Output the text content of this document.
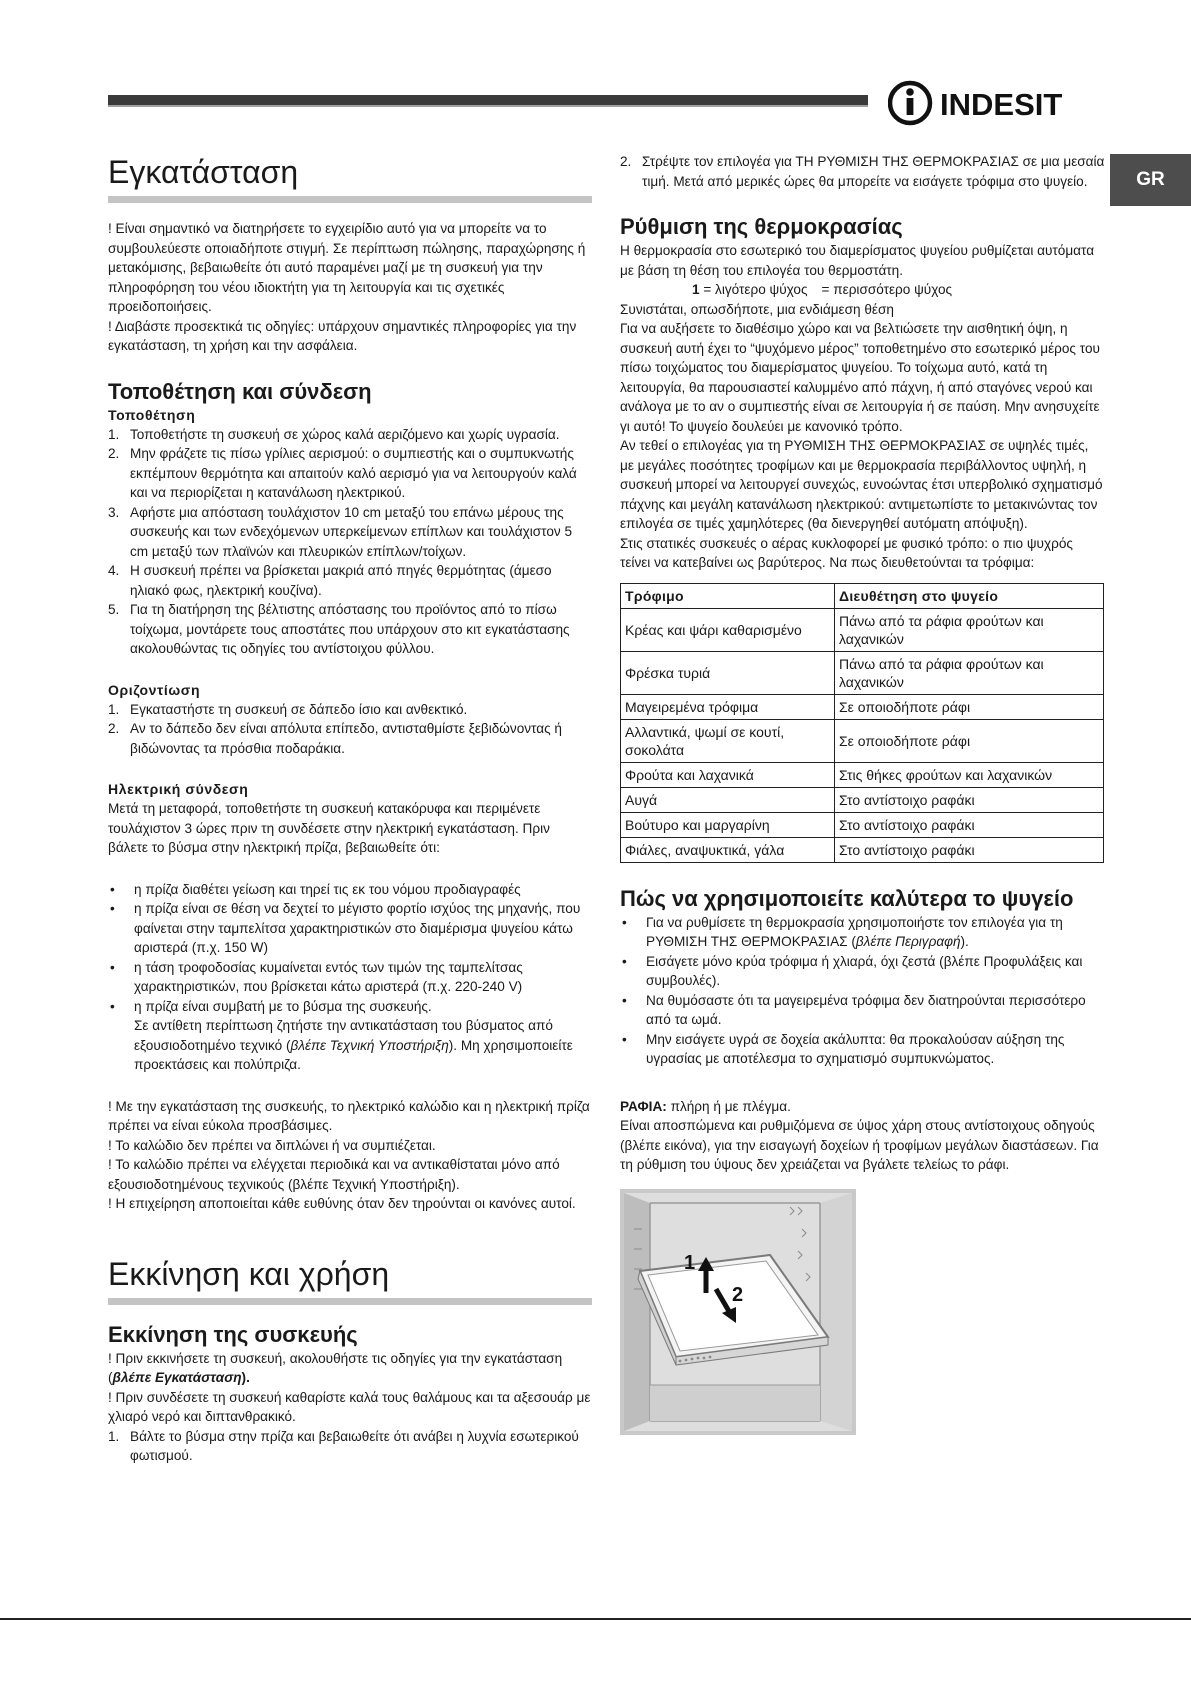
INDESIT
GR
Εγκατάσταση

! Είναι σημαντικό να διατηρήσετε το εγχειρίδιο αυτό για να μπορείτε να το συμβουλεύεστε οποιαδήποτε στιγμή. Σε περίπτωση πώλησης, παραχώρησης ή μετακόμισης, βεβαιωθείτε ότι αυτό παραμένει μαζί με τη συσκευή για την πληροφόρηση του νέου ιδιοκτήτη για τη λειτουργία και τις σχετικές προειδοποιήσεις.

! Διαβάστε προσεκτικά τις οδηγίες: υπάρχουν σημαντικές πληροφορίες για την εγκατάσταση, τη χρήση και την ασφάλεια.

Τοποθέτηση και σύνδεση
Τοποθέτηση
1. Τοποθετήστε τη συσκευή σε χώρος καλά αεριζόμενο και χωρίς υγρασία.
2. Μην φράζετε τις πίσω γρίλιες αερισμού: ο συμπιεστής και ο συμπυκνωτής εκπέμπουν θερμότητα και απαιτούν καλό αερισμό για να λειτουργούν καλά και να περιορίζεται η κατανάλωση ηλεκτρικού.
3. Αφήστε μια απόσταση τουλάχιστον 10 cm μεταξύ του επάνω μέρους της συσκευής και των ενδεχόμενων υπερκείμενων επίπλων και τουλάχιστον 5 cm μεταξύ των πλαϊνών και πλευρικών επίπλων/τοίχων.
4. Η συσκευή πρέπει να βρίσκεται μακριά από πηγές θερμότητας (άμεσο ηλιακό φως, ηλεκτρική κουζίνα).
5. Για τη διατήρηση της βέλτιστης απόστασης του προϊόντος από το πίσω τοίχωμα, μοντάρετε τους αποστάτες που υπάρχουν στο κιτ εγκατάστασης ακολουθώντας τις οδηγίες του αντίστοιχου φύλλου.
Οριζοντίωση
1. Εγκαταστήστε τη συσκευή σε δάπεδο ίσιο και ανθεκτικό.
2. Αν το δάπεδο δεν είναι απόλυτα επίπεδο, αντισταθμίστε ξεβιδώνοντας ή βιδώνοντας τα πρόσθια ποδαράκια.
Ηλεκτρική σύνδεση

Μετά τη μεταφορά, τοποθετήστε τη συσκευή κατακόρυφα και περιμένετε τουλάχιστον 3 ώρες πριν τη συνδέσετε στην ηλεκτρική εγκατάσταση. Πριν βάλετε το βύσμα στην ηλεκτρική πρίζα, βεβαιωθείτε ότι:

•	η πρίζα διαθέτει γείωση και τηρεί τις εκ του νόμου προδιαγραφές
•	η πρίζα είναι σε θέση να δεχτεί το μέγιστο φορτίο ισχύος της μηχανής, που φαίνεται στην ταμπελίτσα χαρακτηριστικών στο διαμέρισμα ψυγείου κάτω αριστερά (π.χ. 150 W)
•	η τάση τροφοδοσίας κυμαίνεται εντός των τιμών της ταμπελίτσας χαρακτηριστικών, που βρίσκεται κάτω αριστερά (π.χ. 220-240 V)
•	η πρίζα είναι συμβατή με το βύσμα της συσκευής.
Σε αντίθετη περίπτωση ζητήστε την αντικατάσταση του βύσματος από εξουσιοδοτημένο τεχνικό (βλέπε Τεχνική Υποστήριξη). Μη χρησιμοποιείτε προεκτάσεις και πολύπριζα.

! Με την εγκατάσταση της συσκευής, το ηλεκτρικό καλώδιο και η ηλεκτρική πρίζα πρέπει να είναι εύκολα προσβάσιμες.

! Το καλώδιο δεν πρέπει να διπλώνει ή να συμπιέζεται.

! Το καλώδιο πρέπει να ελέγχεται περιοδικά και να αντικαθίσταται μόνο από εξουσιοδοτημένους τεχνικούς (βλέπε Τεχνική Υποστήριξη).

! Η επιχείρηση αποποιείται κάθε ευθύνης όταν δεν τηρούνται οι κανόνες αυτοί.

Εκκίνηση και χρήση
Εκκίνηση της συσκευής

! Πριν εκκινήσετε τη συσκευή, ακολουθήστε τις οδηγίες για την εγκατάσταση (βλέπε Εγκατάσταση).

! Πριν συνδέσετε τη συσκευή καθαρίστε καλά τους θαλάμους και τα αξεσουάρ με χλιαρό νερό και διπτανθρακικό.

1. Βάλτε το βύσμα στην πρίζα και βεβαιωθείτε ότι ανάβει η λυχνία εσωτερικού φωτισμού.
2. Στρέψτε τον επιλογέα για ΤΗ ΡΥΘΜΙΣΗ ΤΗΣ ΘΕΡΜΟΚΡΑΣΙΑΣ σε μια μεσαία τιμή. Μετά από μερικές ώρες θα μπορείτε να εισάγετε τρόφιμα στο ψυγείο.
Ρύθμιση της θερμοκρασίας

Η θερμοκρασία στο εσωτερικό του διαμερίσματος ψυγείου ρυθμίζεται αυτόματα με βάση τη θέση του επιλογέα του θερμοστάτη.

1 = λιγότερο ψύχος = περισσότερο ψύχος

Συνιστάται, οπωσδήποτε, μια ενδιάμεση θέση

Για να αυξήσετε το διαθέσιμο χώρο και να βελτιώσετε την αισθητική όψη, η συσκευή αυτή έχει το “ψυχόμενο μέρος” τοποθετημένο στο εσωτερικό μέρος του πίσω τοιχώματος του διαμερίσματος ψυγείου. Το τοίχωμα αυτό, κατά τη λειτουργία, θα παρουσιαστεί καλυμμένο από πάχνη, ή από σταγόνες νερού και ανάλογα με το αν ο συμπιεστής είναι σε λειτουργία ή σε παύση. Μην ανησυχείτε γι αυτό! Το ψυγείο δουλεύει με κανονικό τρόπο.

Αν τεθεί ο επιλογέας για τη ΡΥΘΜΙΣΗ ΤΗΣ ΘΕΡΜΟΚΡΑΣΙΑΣ σε υψηλές τιμές, με μεγάλες ποσότητες τροφίμων και με θερμοκρασία περιβάλλοντος υψηλή, η συσκευή μπορεί να λειτουργεί συνεχώς, ευνοώντας έτσι υπερβολικό σχηματισμό πάχνης και μεγάλη κατανάλωση ηλεκτρικού: αντιμετωπίστε το μετακινώντας τον επιλογέα σε τιμές χαμηλότερες (θα διενεργηθεί αυτόματη απόψυξη).

Στις στατικές συσκευές ο αέρας κυκλοφορεί με φυσικό τρόπο: ο πιο ψυχρός τείνει να κατεβαίνει ως βαρύτερος. Να πως διευθετούνται τα τρόφιμα:

Τρόφιμο	Διευθέτηση στο ψυγείο
Κρέας και ψάρι καθαρισμένο	Πάνω από τα ράφια φρούτων και λαχανικών
Φρέσκα τυριά	Πάνω από τα ράφια φρούτων και λαχανικών
Μαγειρεμένα τρόφιμα	Σε οποιοδήποτε ράφι
Αλλαντικά, ψωμί σε κουτί, σοκολάτα	Σε οποιοδήποτε ράφι
Φρούτα και λαχανικά	Στις θήκες φρούτων και λαχανικών
Αυγά	Στο αντίστοιχο ραφάκι
Βούτυρο και μαργαρίνη	Στο αντίστοιχο ραφάκι
Φιάλες, αναψυκτικά, γάλα	Στο αντίστοιχο ραφάκι
Πώς να χρησιμοποιείτε καλύτερα το ψυγείο
•	Για να ρυθμίσετε τη θερμοκρασία χρησιμοποιήστε τον επιλογέα για τη ΡΥΘΜΙΣΗ ΤΗΣ ΘΕΡΜΟΚΡΑΣΙΑΣ (βλέπε Περιγραφή).
•	Εισάγετε μόνο κρύα τρόφιμα ή χλιαρά, όχι ζεστά (βλέπε Προφυλάξεις και συμβουλές).
•	Να θυμόσαστε ότι τα μαγειρεμένα τρόφιμα δεν διατηρούνται περισσότερο από τα ωμά.
•	Μην εισάγετε υγρά σε δοχεία ακάλυπτα: θα προκαλούσαν αύξηση της υγρασίας με αποτέλεσμα το σχηματισμό συμπυκνώματος.

ΡΑΦΙΑ: πλήρη ή με πλέγμα.

Είναι αποσπώμενα και ρυθμιζόμενα σε ύψος χάρη στους αντίστοιχους οδηγούς (βλέπε εικόνα), για την εισαγωγή δοχείων ή τροφίμων μεγάλων διαστάσεων. Για τη ρύθμιση του ύψους δεν χρειάζεται να βγάλετε τελείως το ράφι.

1
2
